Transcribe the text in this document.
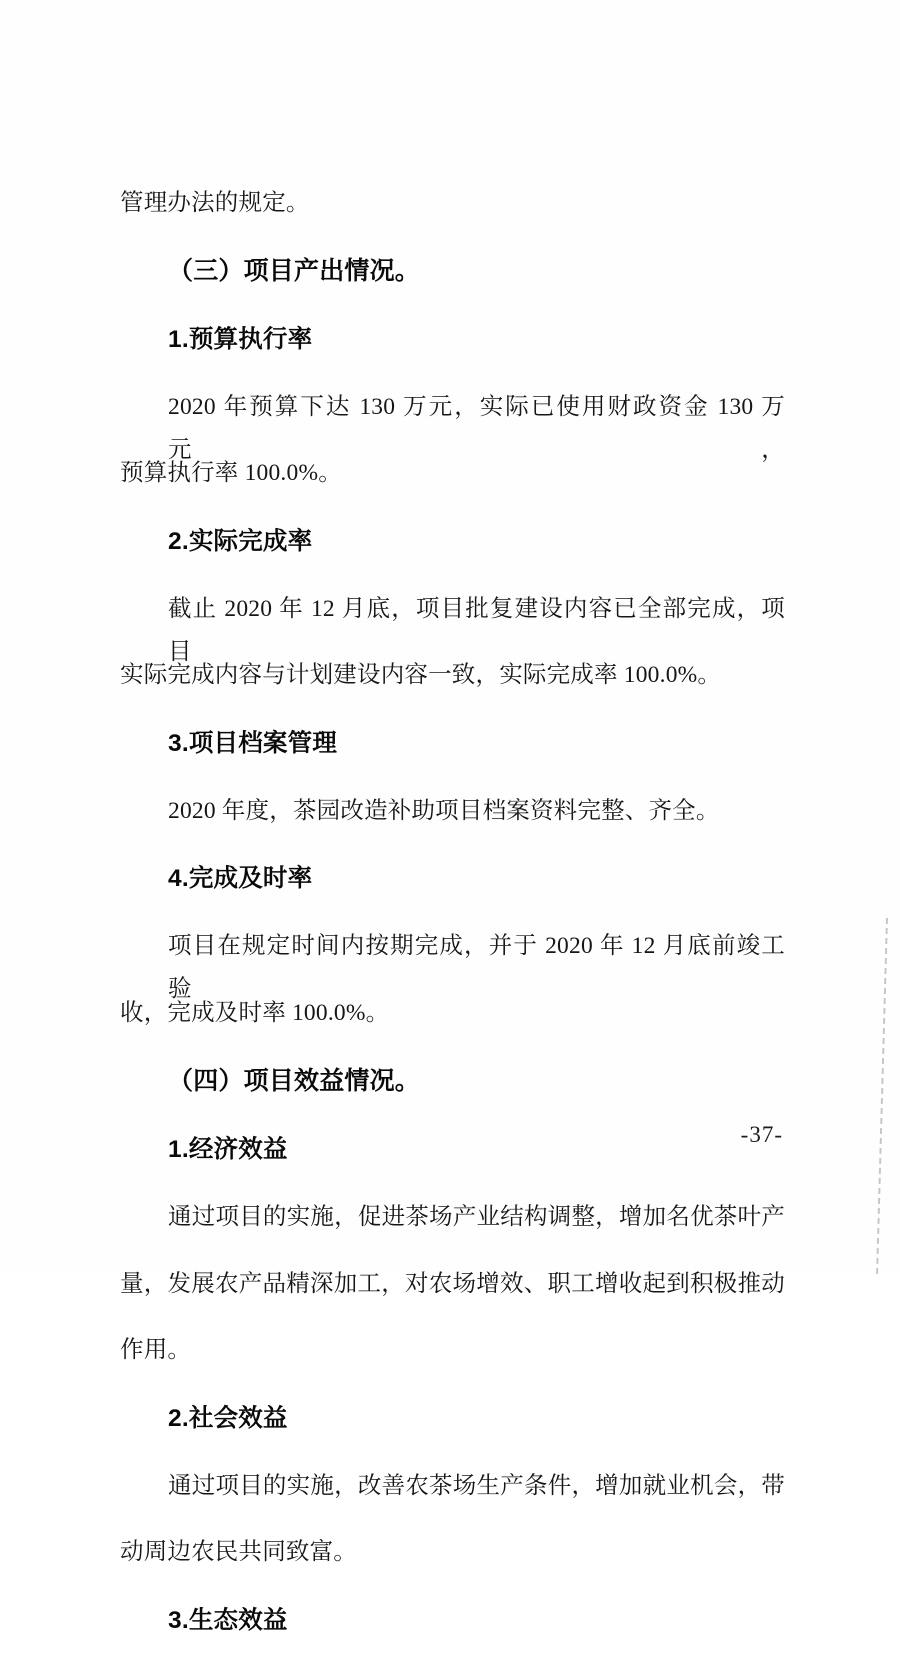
管理办法的规定。

（三）项目产出情况。

1.预算执行率

2020 年预算下达 130 万元，实际已使用财政资金 130 万元，

预算执行率 100.0%。

2.实际完成率

截止 2020 年 12 月底，项目批复建设内容已全部完成，项目

实际完成内容与计划建设内容一致，实际完成率 100.0%。

3.项目档案管理

2020 年度，茶园改造补助项目档案资料完整、齐全。

4.完成及时率

项目在规定时间内按期完成，并于 2020 年 12 月底前竣工验

收，完成及时率 100.0%。

（四）项目效益情况。

1.经济效益

通过项目的实施，促进茶场产业结构调整，增加名优茶叶产

量，发展农产品精深加工，对农场增效、职工增收起到积极推动

作用。

2.社会效益

通过项目的实施，改善农茶场生产条件，增加就业机会，带

动周边农民共同致富。

3.生态效益

-37-
